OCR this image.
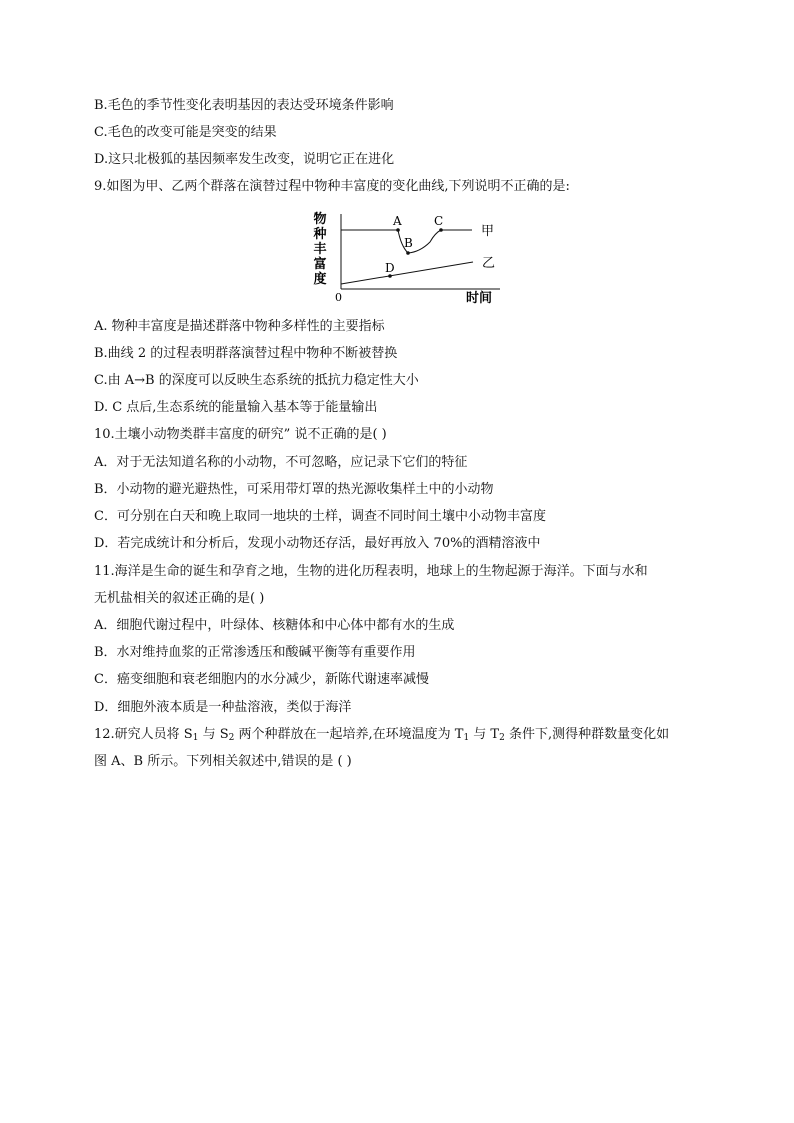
B.毛色的季节性变化表明基因的表达受环境条件影响
C.毛色的改变可能是突变的结果
D.这只北极狐的基因频率发生改变，说明它正在进化
9.如图为甲、乙两个群落在演替过程中物种丰富度的变化曲线,下列说明不正确的是:
物
种
丰
富
度
0	时间
A
B
C
甲
D	乙
A. 物种丰富度是描述群落中物种多样性的主要指标
B.曲线 2 的过程表明群落演替过程中物种不断被替换
C.由 A→B 的深度可以反映生态系统的抵抗力稳定性大小
D. C 点后,生态系统的能量输入基本等于能量输出
10.土壤小动物类群丰富度的研究” 说不正确的是( )
A．对于无法知道名称的小动物，不可忽略，应记录下它们的特征
B．小动物的避光避热性，可采用带灯罩的热光源收集样土中的小动物
C．可分别在白天和晚上取同一地块的土样，调查不同时间土壤中小动物丰富度
D．若完成统计和分析后，发现小动物还存活，最好再放入 70%的酒精溶液中
11.海洋是生命的诞生和孕育之地，生物的进化历程表明，地球上的生物起源于海洋。下面与水和
无机盐相关的叙述正确的是( )
A．细胞代谢过程中，叶绿体、核糖体和中心体中都有水的生成
B．水对维持血浆的正常渗透压和酸碱平衡等有重要作用
C．癌变细胞和衰老细胞内的水分减少，新陈代谢速率减慢
D．细胞外液本质是一种盐溶液，类似于海洋
12.研究人员将 $S_1$ 与 $S_2$ 两个种群放在一起培养,在环境温度为 $T_1$ 与 $T_2$ 条件下,测得种群数量变化如
图 A、B 所示。下列相关叙述中,错误的是 ( )
